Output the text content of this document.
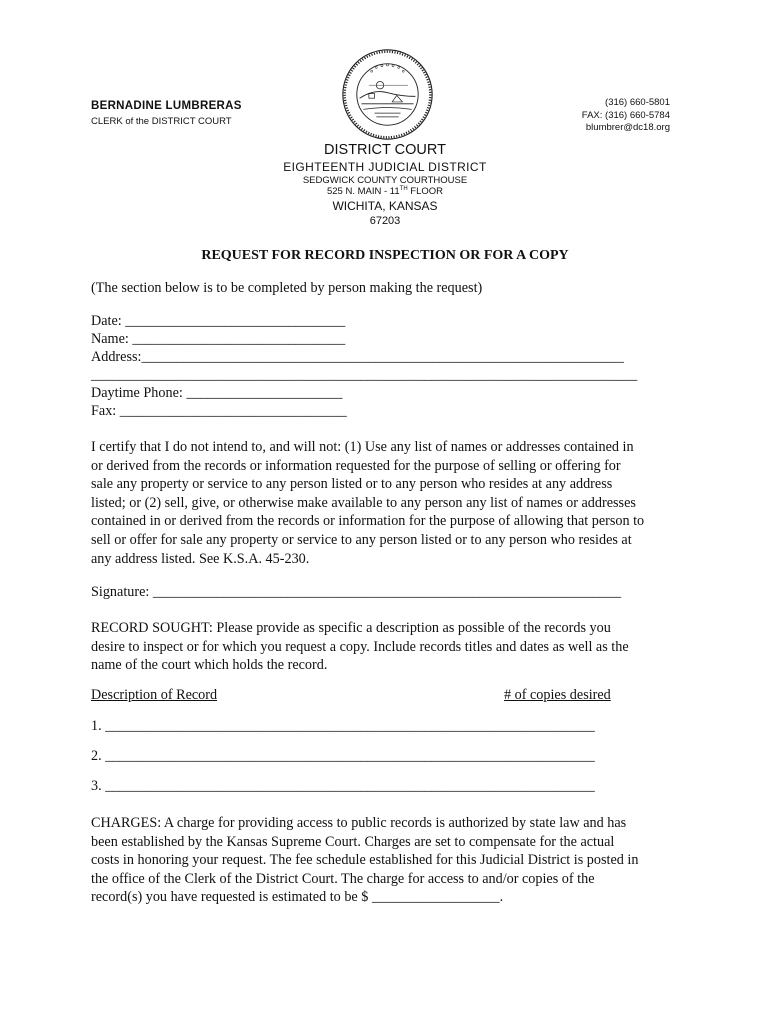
BERNADINE LUMBRERAS
CLERK of the DISTRICT COURT
(316) 660-5801
FAX: (316) 660-5784
blumbrer@dc18.org
DISTRICT COURT
EIGHTEENTH JUDICIAL DISTRICT
SEDGWICK COUNTY COURTHOUSE
525 N. MAIN - 11TH FLOOR
WICHITA, KANSAS
67203
REQUEST FOR RECORD INSPECTION OR FOR A COPY
(The section below is to be completed by person making the request)
Date: _______________________________
Name: ______________________________
Address:____________________________________________________________________
_____________________________________________________________________________
Daytime Phone: ______________________
Fax: ________________________________
I certify that I do not intend to, and will not: (1) Use any list of names or addresses contained in
or derived from the records or information requested for the purpose of selling or offering for
sale any property or service to any person listed or to any person who resides at any address
listed; or (2) sell, give, or otherwise make available to any person any list of names or addresses
contained in or derived from the records or information for the purpose of allowing that person to
sell or offer for sale any property or service to any person listed or to any person who resides at
any address listed. See K.S.A. 45-230.
Signature: __________________________________________________________________
RECORD SOUGHT: Please provide as specific a description as possible of the records you
desire to inspect or for which you request a copy. Include records titles and dates as well as the
name of the court which holds the record.
Description of Record	# of copies desired
1. _____________________________________________________________________
2. _____________________________________________________________________
3. _____________________________________________________________________
CHARGES: A charge for providing access to public records is authorized by state law and has
been established by the Kansas Supreme Court. Charges are set to compensate for the actual
costs in honoring your request. The fee schedule established for this Judicial District is posted in
the office of the Clerk of the District Court. The charge for access to and/or copies of the
record(s) you have requested is estimated to be $ __________________.
